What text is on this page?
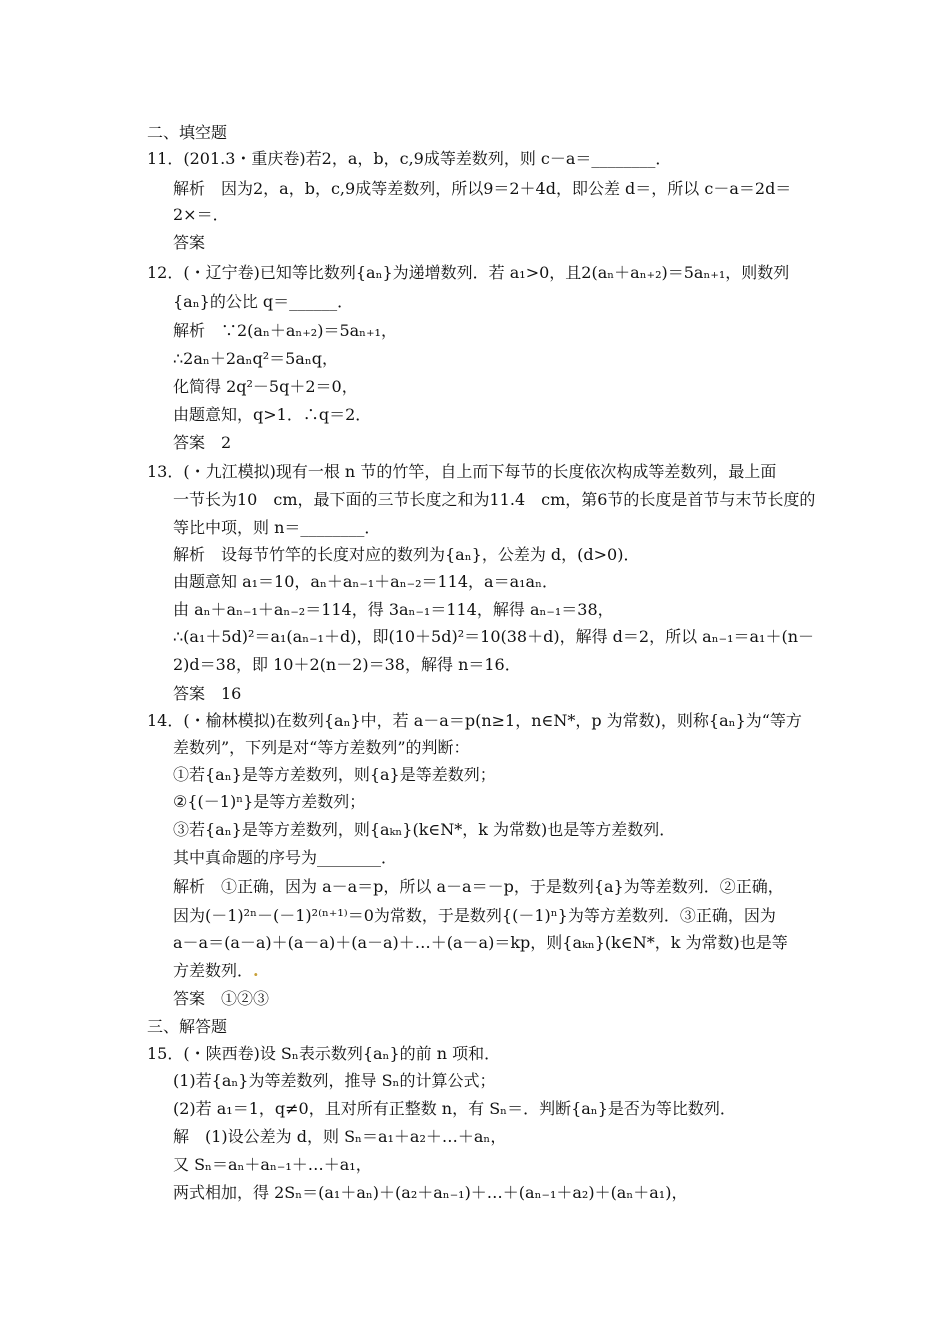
二、填空题
11．(201.3・重庆卷)若2，a，b，c,9成等差数列，则 c－a＝________．
解析　因为2，a，b，c,9成等差数列，所以9＝2＋4d，即公差 d＝，所以 c－a＝2d＝
2×＝．
答案
12．(・辽宁卷)已知等比数列{aₙ}为递增数列．若 a₁>0，且2(aₙ＋aₙ₊₂)＝5aₙ₊₁，则数列
{aₙ}的公比 q＝______．
解析　∵2(aₙ＋aₙ₊₂)＝5aₙ₊₁，
∴2aₙ＋2aₙq²＝5aₙq，
化简得 2q²－5q＋2＝0，
由题意知，q>1．∴q＝2．
答案　2
13．(・九江模拟)现有一根 n 节的竹竿，自上而下每节的长度依次构成等差数列，最上面
一节长为10　cm，最下面的三节长度之和为11.4　cm，第6节的长度是首节与末节长度的
等比中项，则 n＝________．
解析　设每节竹竿的长度对应的数列为{aₙ}，公差为 d，(d>0)．
由题意知 a₁＝10，aₙ＋aₙ₋₁＋aₙ₋₂＝114，a＝a₁aₙ．
由 aₙ＋aₙ₋₁＋aₙ₋₂＝114，得 3aₙ₋₁＝114，解得 aₙ₋₁＝38，
∴(a₁＋5d)²＝a₁(aₙ₋₁＋d)，即(10＋5d)²＝10(38＋d)，解得 d＝2，所以 aₙ₋₁＝a₁＋(n－
2)d＝38，即 10＋2(n－2)＝38，解得 n＝16．
答案　16
14．(・榆林模拟)在数列{aₙ}中，若 a－a＝p(n≥1，n∈N*，p 为常数)，则称{aₙ}为“等方
差数列”，下列是对“等方差数列”的判断：
①若{aₙ}是等方差数列，则{a}是等差数列；
②{(－1)ⁿ}是等方差数列；
③若{aₙ}是等方差数列，则{aₖₙ}(k∈N*，k 为常数)也是等方差数列．
其中真命题的序号为________．
解析　①正确，因为 a－a＝p，所以 a－a＝－p，于是数列{a}为等差数列．②正确，
因为(－1)²ⁿ－(－1)²⁽ⁿ⁺¹⁾＝0为常数，于是数列{(－1)ⁿ}为等方差数列．③正确，因为
a－a＝(a－a)＋(a－a)＋(a－a)＋…＋(a－a)＝kp，则{aₖₙ}(k∈N*，k 为常数)也是等
方差数列．.
答案　①②③
三、解答题
15．(・陕西卷)设 Sₙ表示数列{aₙ}的前 n 项和．
(1)若{aₙ}为等差数列，推导 Sₙ的计算公式；
(2)若 a₁＝1，q≠0，且对所有正整数 n，有 Sₙ＝．判断{aₙ}是否为等比数列．
解　(1)设公差为 d，则 Sₙ＝a₁＋a₂＋…＋aₙ，
又 Sₙ＝aₙ＋aₙ₋₁＋…＋a₁，
两式相加，得 2Sₙ＝(a₁＋aₙ)＋(a₂＋aₙ₋₁)＋…＋(aₙ₋₁＋a₂)＋(aₙ＋a₁)，
